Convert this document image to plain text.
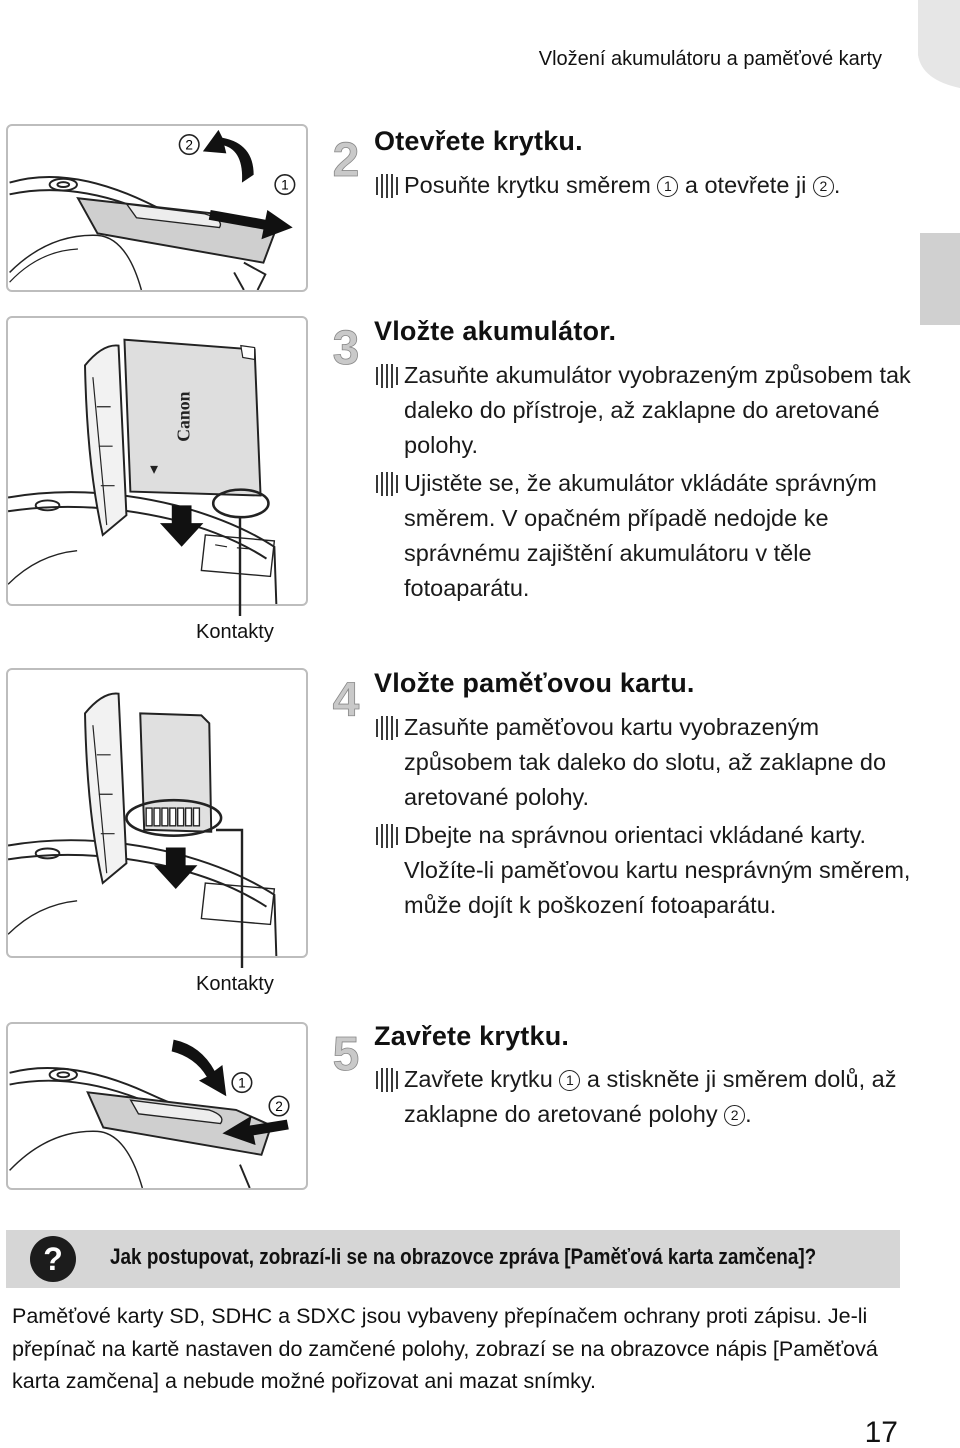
Vložení akumulátoru a paměťové karty
2
1
Canon
Kontakty
Kontakty
1
2
2 Otevřete krytku.
Posuňte krytku směrem 1 a otevřete ji 2 .
3 Vložte akumulátor.
Zasuňte akumulátor vyobrazeným způsobem tak daleko do přístroje, až zaklapne do aretované polohy.
Ujistěte se, že akumulátor vkládáte správným směrem. V opačném případě nedojde ke správnému zajištění akumulátoru v těle fotoaparátu.
4 Vložte paměťovou kartu.
Zasuňte paměťovou kartu vyobrazeným způsobem tak daleko do slotu, až zaklapne do aretované polohy.
Dbejte na správnou orientaci vkládané karty. Vložíte-li paměťovou kartu nesprávným směrem, může dojít k poškození fotoaparátu.
5 Zavřete krytku.
Zavřete krytku 1 a stiskněte ji směrem dolů, až zaklapne do aretované polohy 2 .
?	Jak postupovat, zobrazí-li se na obrazovce zpráva [Paměťová karta zamčena]?
Paměťové karty SD, SDHC a SDXC jsou vybaveny přepínačem ochrany proti zápisu. Je-li přepínač na kartě nastaven do zamčené polohy, zobrazí se na obrazovce nápis [Paměťová karta zamčena] a nebude možné pořizovat ani mazat snímky.
17
